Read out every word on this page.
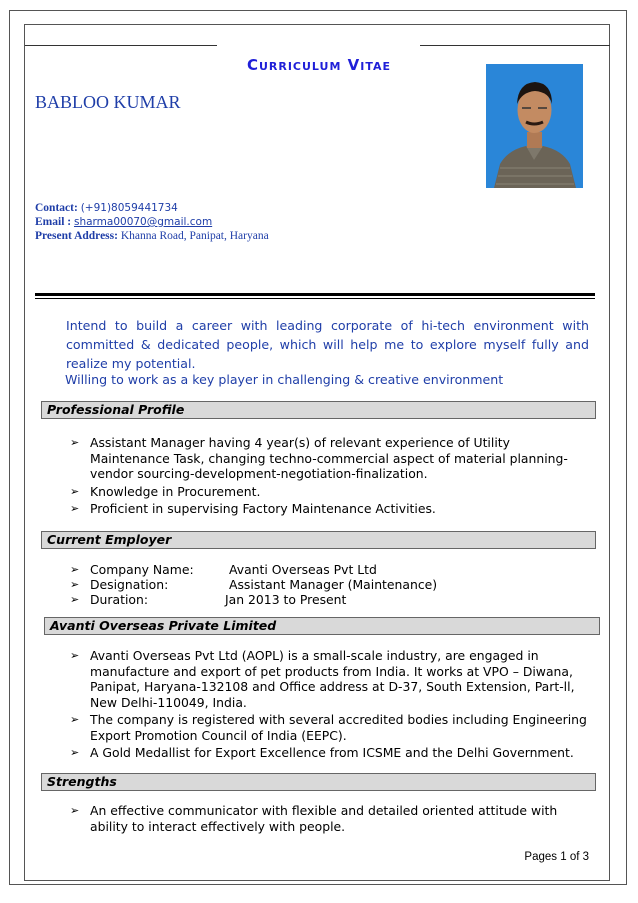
Curriculum Vitae
BABLOO KUMAR
Contact: (+91)8059441734
Email : sharma00070@gmail.com
Present Address: Khanna Road, Panipat, Haryana
Intend to build a career with leading corporate of hi-tech environment with committed & dedicated people, which will help me to explore myself fully and realize my potential.
Willing to work as a key player in challenging & creative environment
Professional Profile
➢ Assistant Manager having 4 year(s) of relevant experience of Utility Maintenance Task, changing techno-commercial aspect of material planning-vendor sourcing-development-negotiation-finalization.
➢ Knowledge in Procurement.
➢ Proficient in supervising Factory Maintenance Activities.
Current Employer
➢ Company Name:	Avanti Overseas Pvt Ltd
➢ Designation:	Assistant Manager (Maintenance)
➢ Duration:	Jan 2013 to Present
Avanti Overseas Private Limited
➢ Avanti Overseas Pvt Ltd (AOPL) is a small-scale industry, are engaged in manufacture and export of pet products from India. It works at VPO – Diwana, Panipat, Haryana-132108 and Office address at D-37, South Extension, Part-ll, New Delhi-110049, India.
➢ The company is registered with several accredited bodies including Engineering Export Promotion Council of India (EEPC).
➢ A Gold Medallist for Export Excellence from ICSME and the Delhi Government.
Strengths
➢ An effective communicator with flexible and detailed oriented attitude with ability to interact effectively with people.
Pages 1 of 3
